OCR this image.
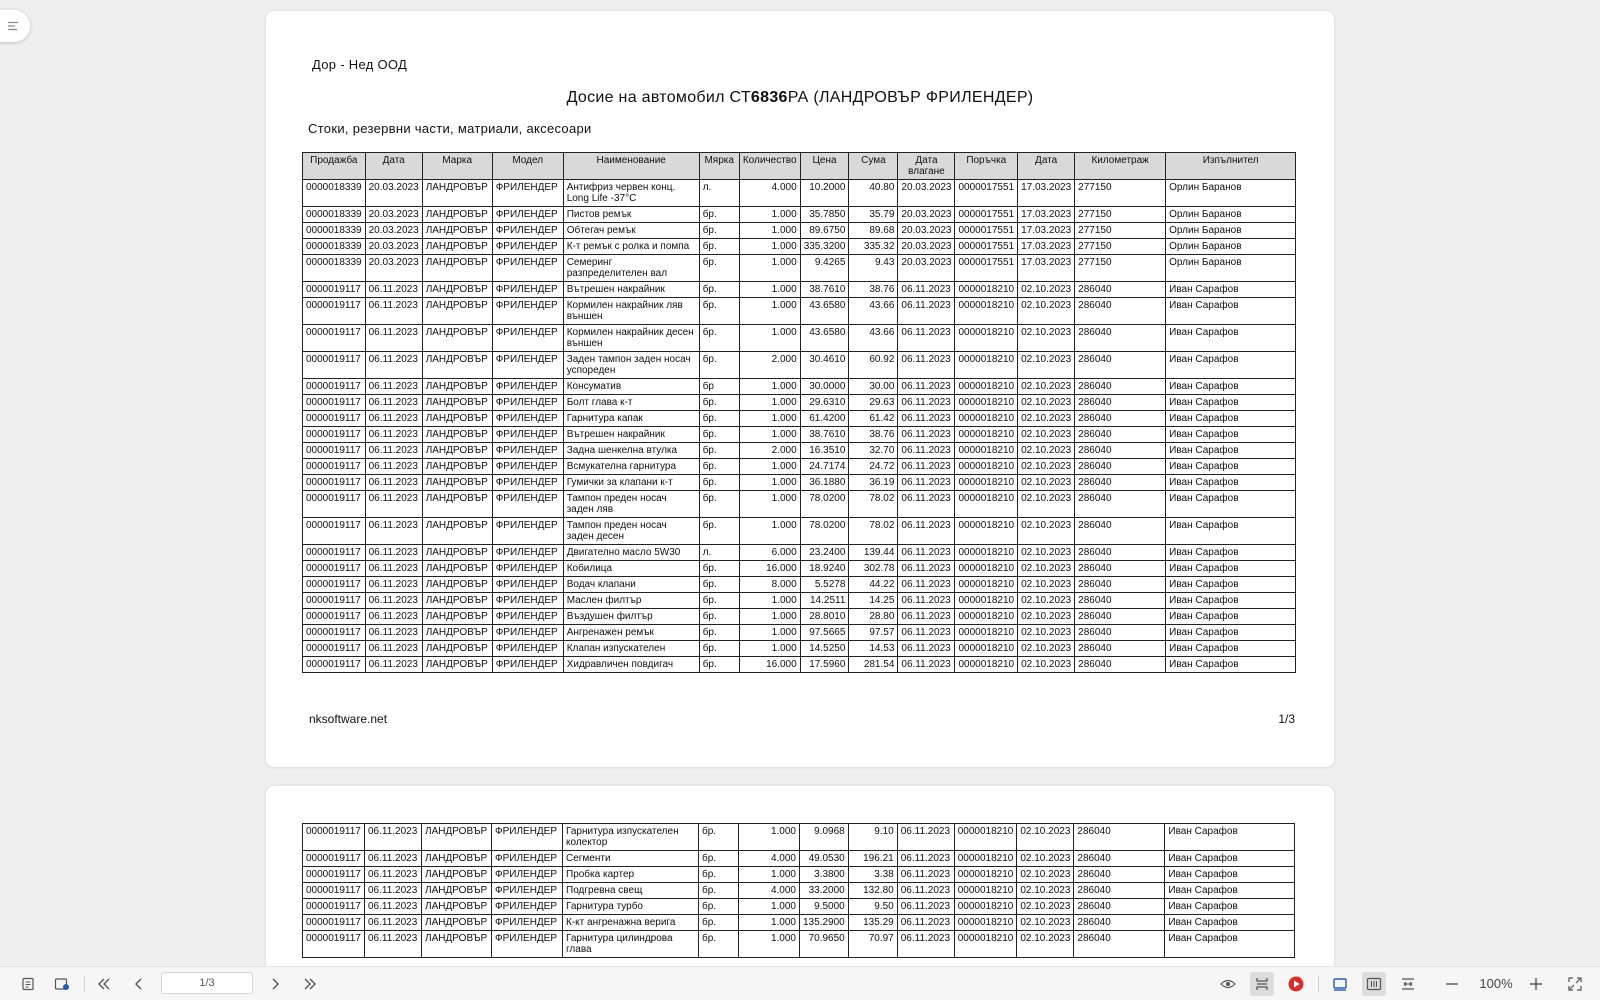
Дор - Нед ООД
Досие на автомобил СТ6836РА (ЛАНДРОВЪР ФРИЛЕНДЕР)
Стоки, резервни части, матриали, аксесоари
Продажба	Дата	Марка	Модел	Наименование	Мярка	Количество	Цена	Сума	Дата влагане	Поръчка	Дата	Километраж	Изпълнител
0000018339	20.03.2023	ЛАНДРОВЪР	ФРИЛЕНДЕР	Антифриз червен конц. Long Life -37°C	л.	4.000	10.2000	40.80	20.03.2023	0000017551	17.03.2023	277150	Орлин Баранов
0000018339	20.03.2023	ЛАНДРОВЪР	ФРИЛЕНДЕР	Пистов ремък	бр.	1.000	35.7850	35.79	20.03.2023	0000017551	17.03.2023	277150	Орлин Баранов
0000018339	20.03.2023	ЛАНДРОВЪР	ФРИЛЕНДЕР	Обтегач ремък	бр.	1.000	89.6750	89.68	20.03.2023	0000017551	17.03.2023	277150	Орлин Баранов
0000018339	20.03.2023	ЛАНДРОВЪР	ФРИЛЕНДЕР	К-т ремък с ролка и помпа	бр.	1.000	335.3200	335.32	20.03.2023	0000017551	17.03.2023	277150	Орлин Баранов
0000018339	20.03.2023	ЛАНДРОВЪР	ФРИЛЕНДЕР	Семеринг разпределителен вал	бр.	1.000	9.4265	9.43	20.03.2023	0000017551	17.03.2023	277150	Орлин Баранов
0000019117	06.11.2023	ЛАНДРОВЪР	ФРИЛЕНДЕР	Вътрешен накрайник	бр.	1.000	38.7610	38.76	06.11.2023	0000018210	02.10.2023	286040	Иван Сарафов
0000019117	06.11.2023	ЛАНДРОВЪР	ФРИЛЕНДЕР	Кормилен накрайник ляв външен	бр.	1.000	43.6580	43.66	06.11.2023	0000018210	02.10.2023	286040	Иван Сарафов
0000019117	06.11.2023	ЛАНДРОВЪР	ФРИЛЕНДЕР	Кормилен накрайник десен външен	бр.	1.000	43.6580	43.66	06.11.2023	0000018210	02.10.2023	286040	Иван Сарафов
0000019117	06.11.2023	ЛАНДРОВЪР	ФРИЛЕНДЕР	Заден тампон заден носач успореден	бр.	2.000	30.4610	60.92	06.11.2023	0000018210	02.10.2023	286040	Иван Сарафов
0000019117	06.11.2023	ЛАНДРОВЪР	ФРИЛЕНДЕР	Консуматив	бр	1.000	30.0000	30.00	06.11.2023	0000018210	02.10.2023	286040	Иван Сарафов
0000019117	06.11.2023	ЛАНДРОВЪР	ФРИЛЕНДЕР	Болт глава к-т	бр.	1.000	29.6310	29.63	06.11.2023	0000018210	02.10.2023	286040	Иван Сарафов
0000019117	06.11.2023	ЛАНДРОВЪР	ФРИЛЕНДЕР	Гарнитура капак	бр.	1.000	61.4200	61.42	06.11.2023	0000018210	02.10.2023	286040	Иван Сарафов
0000019117	06.11.2023	ЛАНДРОВЪР	ФРИЛЕНДЕР	Вътрешен накрайник	бр.	1.000	38.7610	38.76	06.11.2023	0000018210	02.10.2023	286040	Иван Сарафов
0000019117	06.11.2023	ЛАНДРОВЪР	ФРИЛЕНДЕР	Задна шенкелна втулка	бр.	2.000	16.3510	32.70	06.11.2023	0000018210	02.10.2023	286040	Иван Сарафов
0000019117	06.11.2023	ЛАНДРОВЪР	ФРИЛЕНДЕР	Всмукателна гарнитура	бр.	1.000	24.7174	24.72	06.11.2023	0000018210	02.10.2023	286040	Иван Сарафов
0000019117	06.11.2023	ЛАНДРОВЪР	ФРИЛЕНДЕР	Гумички за клапани к-т	бр.	1.000	36.1880	36.19	06.11.2023	0000018210	02.10.2023	286040	Иван Сарафов
0000019117	06.11.2023	ЛАНДРОВЪР	ФРИЛЕНДЕР	Тампон преден носач заден ляв	бр.	1.000	78.0200	78.02	06.11.2023	0000018210	02.10.2023	286040	Иван Сарафов
0000019117	06.11.2023	ЛАНДРОВЪР	ФРИЛЕНДЕР	Тампон преден носач заден десен	бр.	1.000	78.0200	78.02	06.11.2023	0000018210	02.10.2023	286040	Иван Сарафов
0000019117	06.11.2023	ЛАНДРОВЪР	ФРИЛЕНДЕР	Двигателно масло 5W30	л.	6.000	23.2400	139.44	06.11.2023	0000018210	02.10.2023	286040	Иван Сарафов
0000019117	06.11.2023	ЛАНДРОВЪР	ФРИЛЕНДЕР	Кобилица	бр.	16.000	18.9240	302.78	06.11.2023	0000018210	02.10.2023	286040	Иван Сарафов
0000019117	06.11.2023	ЛАНДРОВЪР	ФРИЛЕНДЕР	Водач клапани	бр.	8.000	5.5278	44.22	06.11.2023	0000018210	02.10.2023	286040	Иван Сарафов
0000019117	06.11.2023	ЛАНДРОВЪР	ФРИЛЕНДЕР	Маслен филтър	бр.	1.000	14.2511	14.25	06.11.2023	0000018210	02.10.2023	286040	Иван Сарафов
0000019117	06.11.2023	ЛАНДРОВЪР	ФРИЛЕНДЕР	Въздушен филтър	бр.	1.000	28.8010	28.80	06.11.2023	0000018210	02.10.2023	286040	Иван Сарафов
0000019117	06.11.2023	ЛАНДРОВЪР	ФРИЛЕНДЕР	Ангренажен ремък	бр.	1.000	97.5665	97.57	06.11.2023	0000018210	02.10.2023	286040	Иван Сарафов
0000019117	06.11.2023	ЛАНДРОВЪР	ФРИЛЕНДЕР	Клапан изпускателен	бр.	1.000	14.5250	14.53	06.11.2023	0000018210	02.10.2023	286040	Иван Сарафов
0000019117	06.11.2023	ЛАНДРОВЪР	ФРИЛЕНДЕР	Хидравличен повдигач	бр.	16.000	17.5960	281.54	06.11.2023	0000018210	02.10.2023	286040	Иван Сарафов
nksoftware.net	1/3
0000019117	06.11.2023	ЛАНДРОВЪР	ФРИЛЕНДЕР	Гарнитура изпускателен колектор	бр.	1.000	9.0968	9.10	06.11.2023	0000018210	02.10.2023	286040	Иван Сарафов
0000019117	06.11.2023	ЛАНДРОВЪР	ФРИЛЕНДЕР	Сегменти	бр.	4.000	49.0530	196.21	06.11.2023	0000018210	02.10.2023	286040	Иван Сарафов
0000019117	06.11.2023	ЛАНДРОВЪР	ФРИЛЕНДЕР	Пробка картер	бр.	1.000	3.3800	3.38	06.11.2023	0000018210	02.10.2023	286040	Иван Сарафов
0000019117	06.11.2023	ЛАНДРОВЪР	ФРИЛЕНДЕР	Подгревна свещ	бр.	4.000	33.2000	132.80	06.11.2023	0000018210	02.10.2023	286040	Иван Сарафов
0000019117	06.11.2023	ЛАНДРОВЪР	ФРИЛЕНДЕР	Гарнитура турбо	бр.	1.000	9.5000	9.50	06.11.2023	0000018210	02.10.2023	286040	Иван Сарафов
0000019117	06.11.2023	ЛАНДРОВЪР	ФРИЛЕНДЕР	К-кт ангренажна верига	бр.	1.000	135.2900	135.29	06.11.2023	0000018210	02.10.2023	286040	Иван Сарафов
0000019117	06.11.2023	ЛАНДРОВЪР	ФРИЛЕНДЕР	Гарнитура цилиндрова глава	бр.	1.000	70.9650	70.97	06.11.2023	0000018210	02.10.2023	286040	Иван Сарафов
1/3
100%
